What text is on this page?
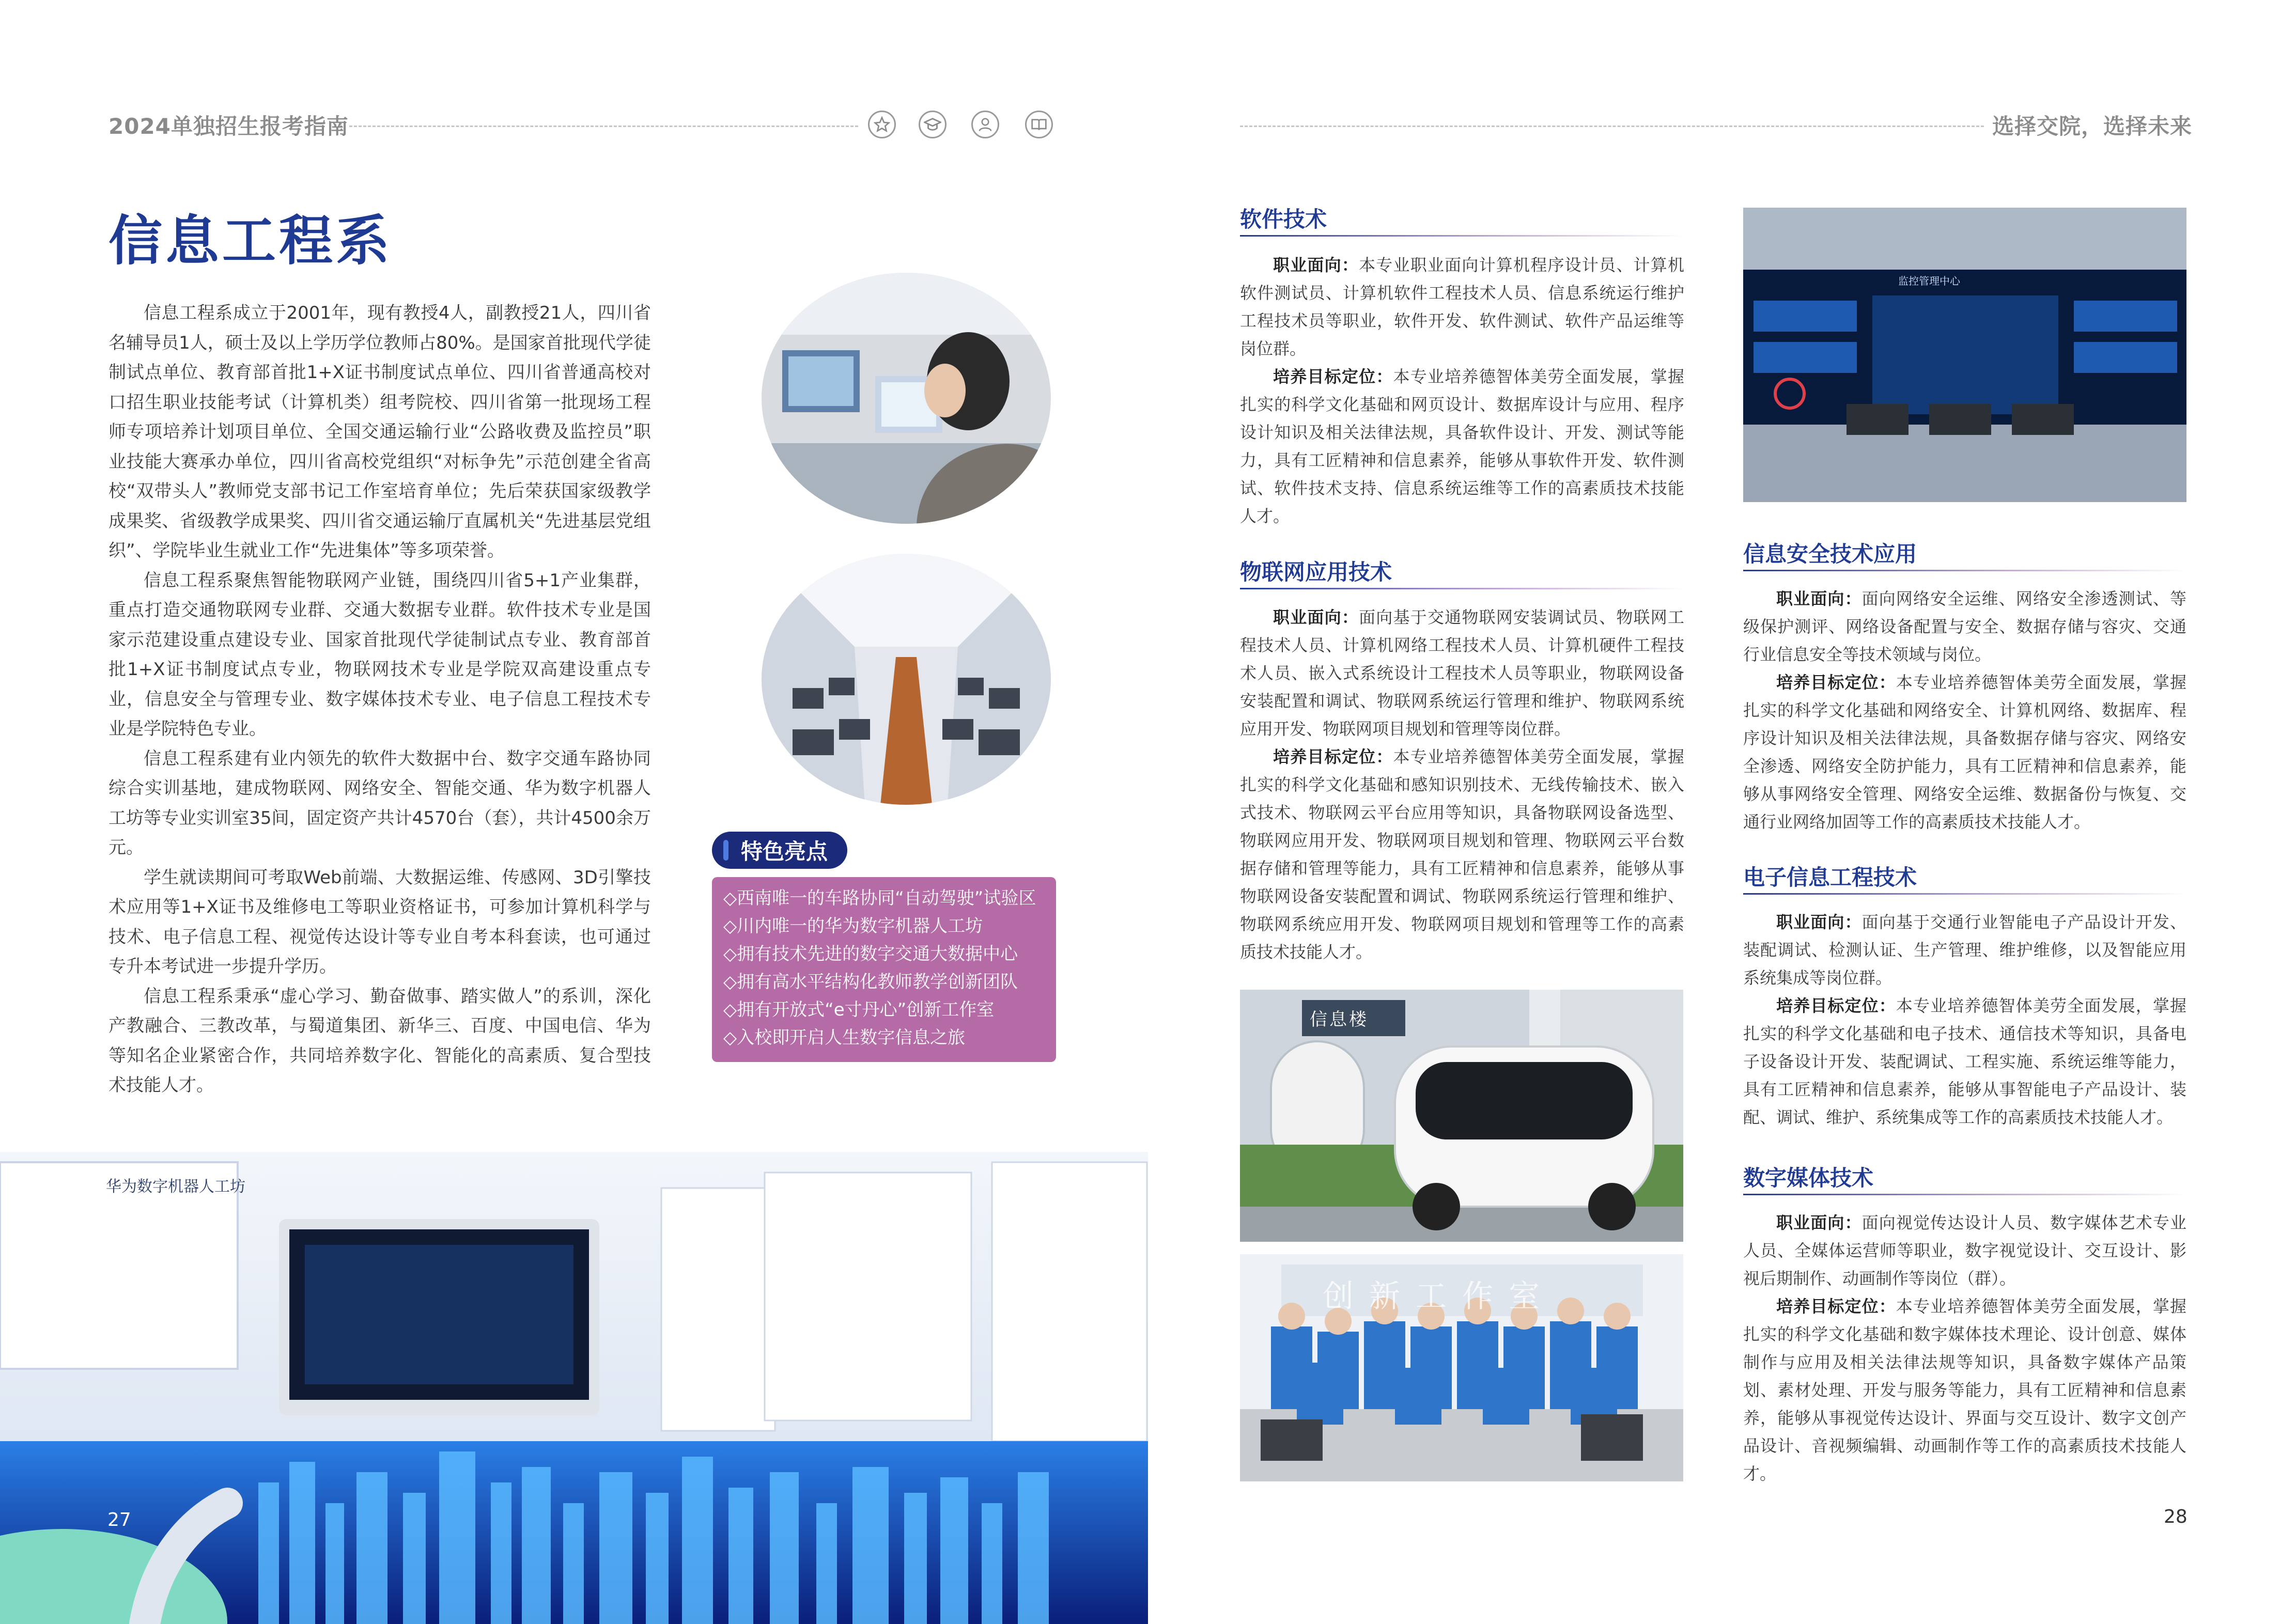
2024单独招生报考指南	选择交院，选择未来
信息工程系

信息工程系成立于2001年，现有教授4人，副教授21人，四川省名辅导员1人，硕士及以上学历学位教师占80%。是国家首批现代学徒制试点单位、教育部首批1+X证书制度试点单位、四川省普通高校对口招生职业技能考试（计算机类）组考院校、四川省第一批现场工程师专项培养计划项目单位、全国交通运输行业“公路收费及监控员”职业技能大赛承办单位，四川省高校党组织“对标争先”示范创建全省高校“双带头人”教师党支部书记工作室培育单位；先后荣获国家级教学成果奖、省级教学成果奖、四川省交通运输厅直属机关“先进基层党组织”、学院毕业生就业工作“先进集体”等多项荣誉。

信息工程系聚焦智能物联网产业链，围绕四川省5+1产业集群，重点打造交通物联网专业群、交通大数据专业群。软件技术专业是国家示范建设重点建设专业、国家首批现代学徒制试点专业、教育部首批1+X证书制度试点专业，物联网技术专业是学院双高建设重点专业，信息安全与管理专业、数字媒体技术专业、电子信息工程技术专业是学院特色专业。

信息工程系建有业内领先的软件大数据中台、数字交通车路协同综合实训基地，建成物联网、网络安全、智能交通、华为数字机器人工坊等专业实训室35间，固定资产共计4570台（套），共计4500余万元。

学生就读期间可考取Web前端、大数据运维、传感网、3D引擎技术应用等1+X证书及维修电工等职业资格证书，可参加计算机科学与技术、电子信息工程、视觉传达设计等专业自考本科套读，也可通过专升本考试进一步提升学历。

信息工程系秉承“虚心学习、勤奋做事、踏实做人”的系训，深化产教融合、三教改革，与蜀道集团、新华三、百度、中国电信、华为等知名企业紧密合作，共同培养数字化、智能化的高素质、复合型技术技能人才。

特色亮点
◇西南唯一的车路协同“自动驾驶”试验区
◇川内唯一的华为数字机器人工坊
◇拥有技术先进的数字交通大数据中心
◇拥有高水平结构化教师教学创新团队
◇拥有开放式“e寸丹心”创新工作室
◇入校即开启人生数字信息之旅
华为数字机器人工坊
27
软件技术

职业面向：本专业职业面向计算机程序设计员、计算机软件测试员、计算机软件工程技术人员、信息系统运行维护工程技术员等职业，软件开发、软件测试、软件产品运维等岗位群。

培养目标定位：本专业培养德智体美劳全面发展，掌握扎实的科学文化基础和网页设计、数据库设计与应用、程序设计知识及相关法律法规，具备软件设计、开发、测试等能力，具有工匠精神和信息素养，能够从事软件开发、软件测试、软件技术支持、信息系统运维等工作的高素质技术技能人才。

物联网应用技术

职业面向：面向基于交通物联网安装调试员、物联网工程技术人员、计算机网络工程技术人员、计算机硬件工程技术人员、嵌入式系统设计工程技术人员等职业，物联网设备安装配置和调试、物联网系统运行管理和维护、物联网系统应用开发、物联网项目规划和管理等岗位群。

培养目标定位：本专业培养德智体美劳全面发展，掌握扎实的科学文化基础和感知识别技术、无线传输技术、嵌入式技术、物联网云平台应用等知识，具备物联网设备选型、物联网应用开发、物联网项目规划和管理、物联网云平台数据存储和管理等能力，具有工匠精神和信息素养，能够从事物联网设备安装配置和调试、物联网系统运行管理和维护、物联网系统应用开发、物联网项目规划和管理等工作的高素质技术技能人才。

信息楼
创新工作室
监控管理中心
信息安全技术应用

职业面向：面向网络安全运维、网络安全渗透测试、等级保护测评、网络设备配置与安全、数据存储与容灾、交通行业信息安全等技术领域与岗位。

培养目标定位：本专业培养德智体美劳全面发展，掌握扎实的科学文化基础和网络安全、计算机网络、数据库、程序设计知识及相关法律法规，具备数据存储与容灾、网络安全渗透、网络安全防护能力，具有工匠精神和信息素养，能够从事网络安全管理、网络安全运维、数据备份与恢复、交通行业网络加固等工作的高素质技术技能人才。

电子信息工程技术

职业面向：面向基于交通行业智能电子产品设计开发、装配调试、检测认证、生产管理、维护维修，以及智能应用系统集成等岗位群。

培养目标定位：本专业培养德智体美劳全面发展，掌握扎实的科学文化基础和电子技术、通信技术等知识，具备电子设备设计开发、装配调试、工程实施、系统运维等能力，具有工匠精神和信息素养，能够从事智能电子产品设计、装配、调试、维护、系统集成等工作的高素质技术技能人才。

数字媒体技术

职业面向：面向视觉传达设计人员、数字媒体艺术专业人员、全媒体运营师等职业，数字视觉设计、交互设计、影视后期制作、动画制作等岗位（群）。

培养目标定位：本专业培养德智体美劳全面发展，掌握扎实的科学文化基础和数字媒体技术理论、设计创意、媒体制作与应用及相关法律法规等知识，具备数字媒体产品策划、素材处理、开发与服务等能力，具有工匠精神和信息素养，能够从事视觉传达设计、界面与交互设计、数字文创产品设计、音视频编辑、动画制作等工作的高素质技术技能人才。

28
